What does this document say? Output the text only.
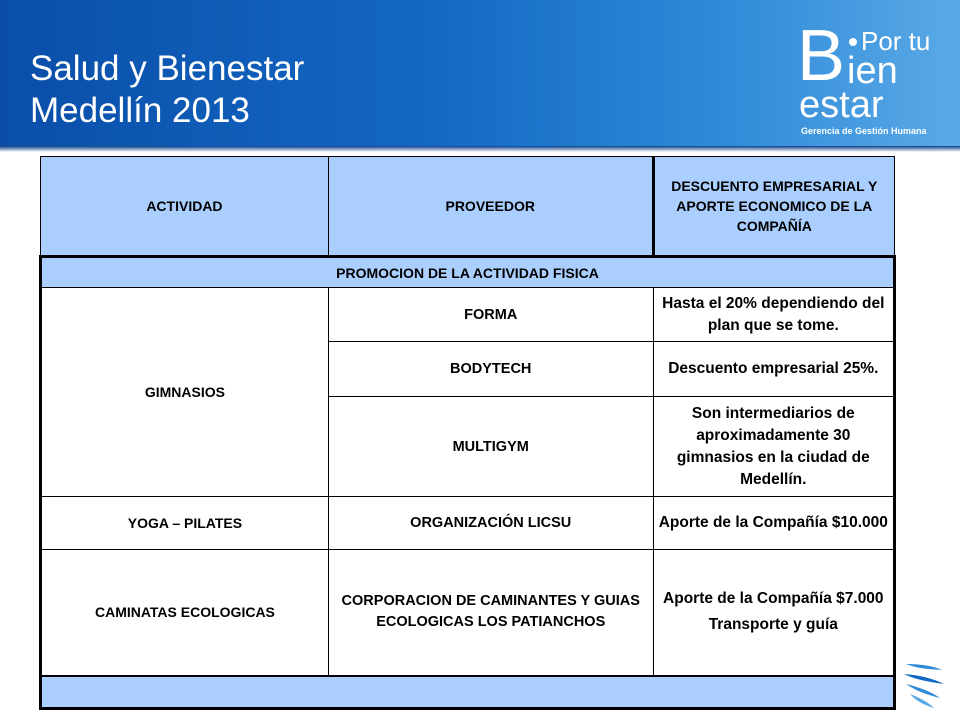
Salud y Bienestar
Medellín 2013
B Por tu
ien
estar
Gerencia de Gestión Humana
ACTIVIDAD	PROVEEDOR	DESCUENTO EMPRESARIAL Y APORTE ECONOMICO DE LA COMPAÑÍA
PROMOCION DE LA ACTIVIDAD FISICA		
GIMNASIOS	FORMA	Hasta el 20% dependiendo del plan que se tome.
	BODYTECH	Descuento empresarial 25%.
	MULTIGYM	Son intermediarios de aproximadamente 30 gimnasios en la ciudad de Medellín.
YOGA – PILATES	ORGANIZACIÓN LICSU	Aporte de la Compañía $10.000
CAMINATAS ECOLOGICAS	CORPORACION DE CAMINANTES Y GUIAS ECOLOGICAS LOS PATIANCHOS	Aporte de la Compañía $7.000
Transporte y guía
